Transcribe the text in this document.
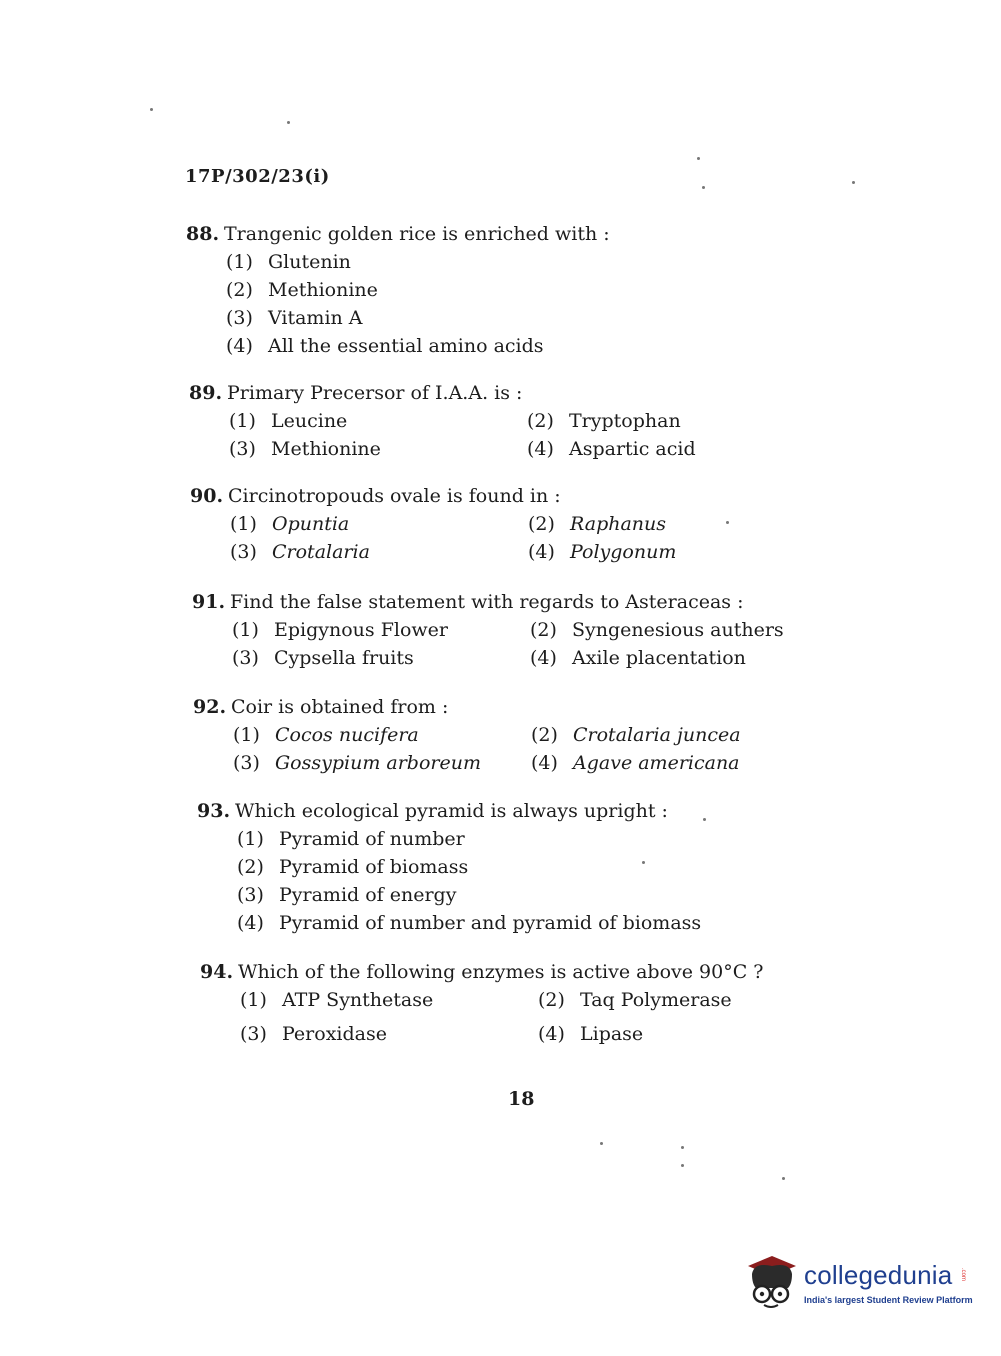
17P/302/23(i)
88. Trangenic golden rice is enriched with :
(1) Glutenin
(2) Methionine
(3) Vitamin A
(4) All the essential amino acids
89. Primary Precersor of I.A.A. is :
(1) Leucine	(2) Tryptophan
(3) Methionine	(4) Aspartic acid
90. Circinotropouds ovale is found in :
(1) Opuntia	(2) Raphanus
(3) Crotalaria	(4) Polygonum
91. Find the false statement with regards to Asteraceas :
(1) Epigynous Flower	(2) Syngenesious authers
(3) Cypsella fruits	(4) Axile placentation
92. Coir is obtained from :
(1) Cocos nucifera	(2) Crotalaria juncea
(3) Gossypium arboreum	(4) Agave americana
93. Which ecological pyramid is always upright :
(1) Pyramid of number
(2) Pyramid of biomass
(3) Pyramid of energy
(4) Pyramid of number and pyramid of biomass
94. Which of the following enzymes is active above 90°C ?
(1) ATP Synthetase	(2) Taq Polymerase
(3) Peroxidase	(4) Lipase
18
collegedunia .com
India's largest Student Review Platform
